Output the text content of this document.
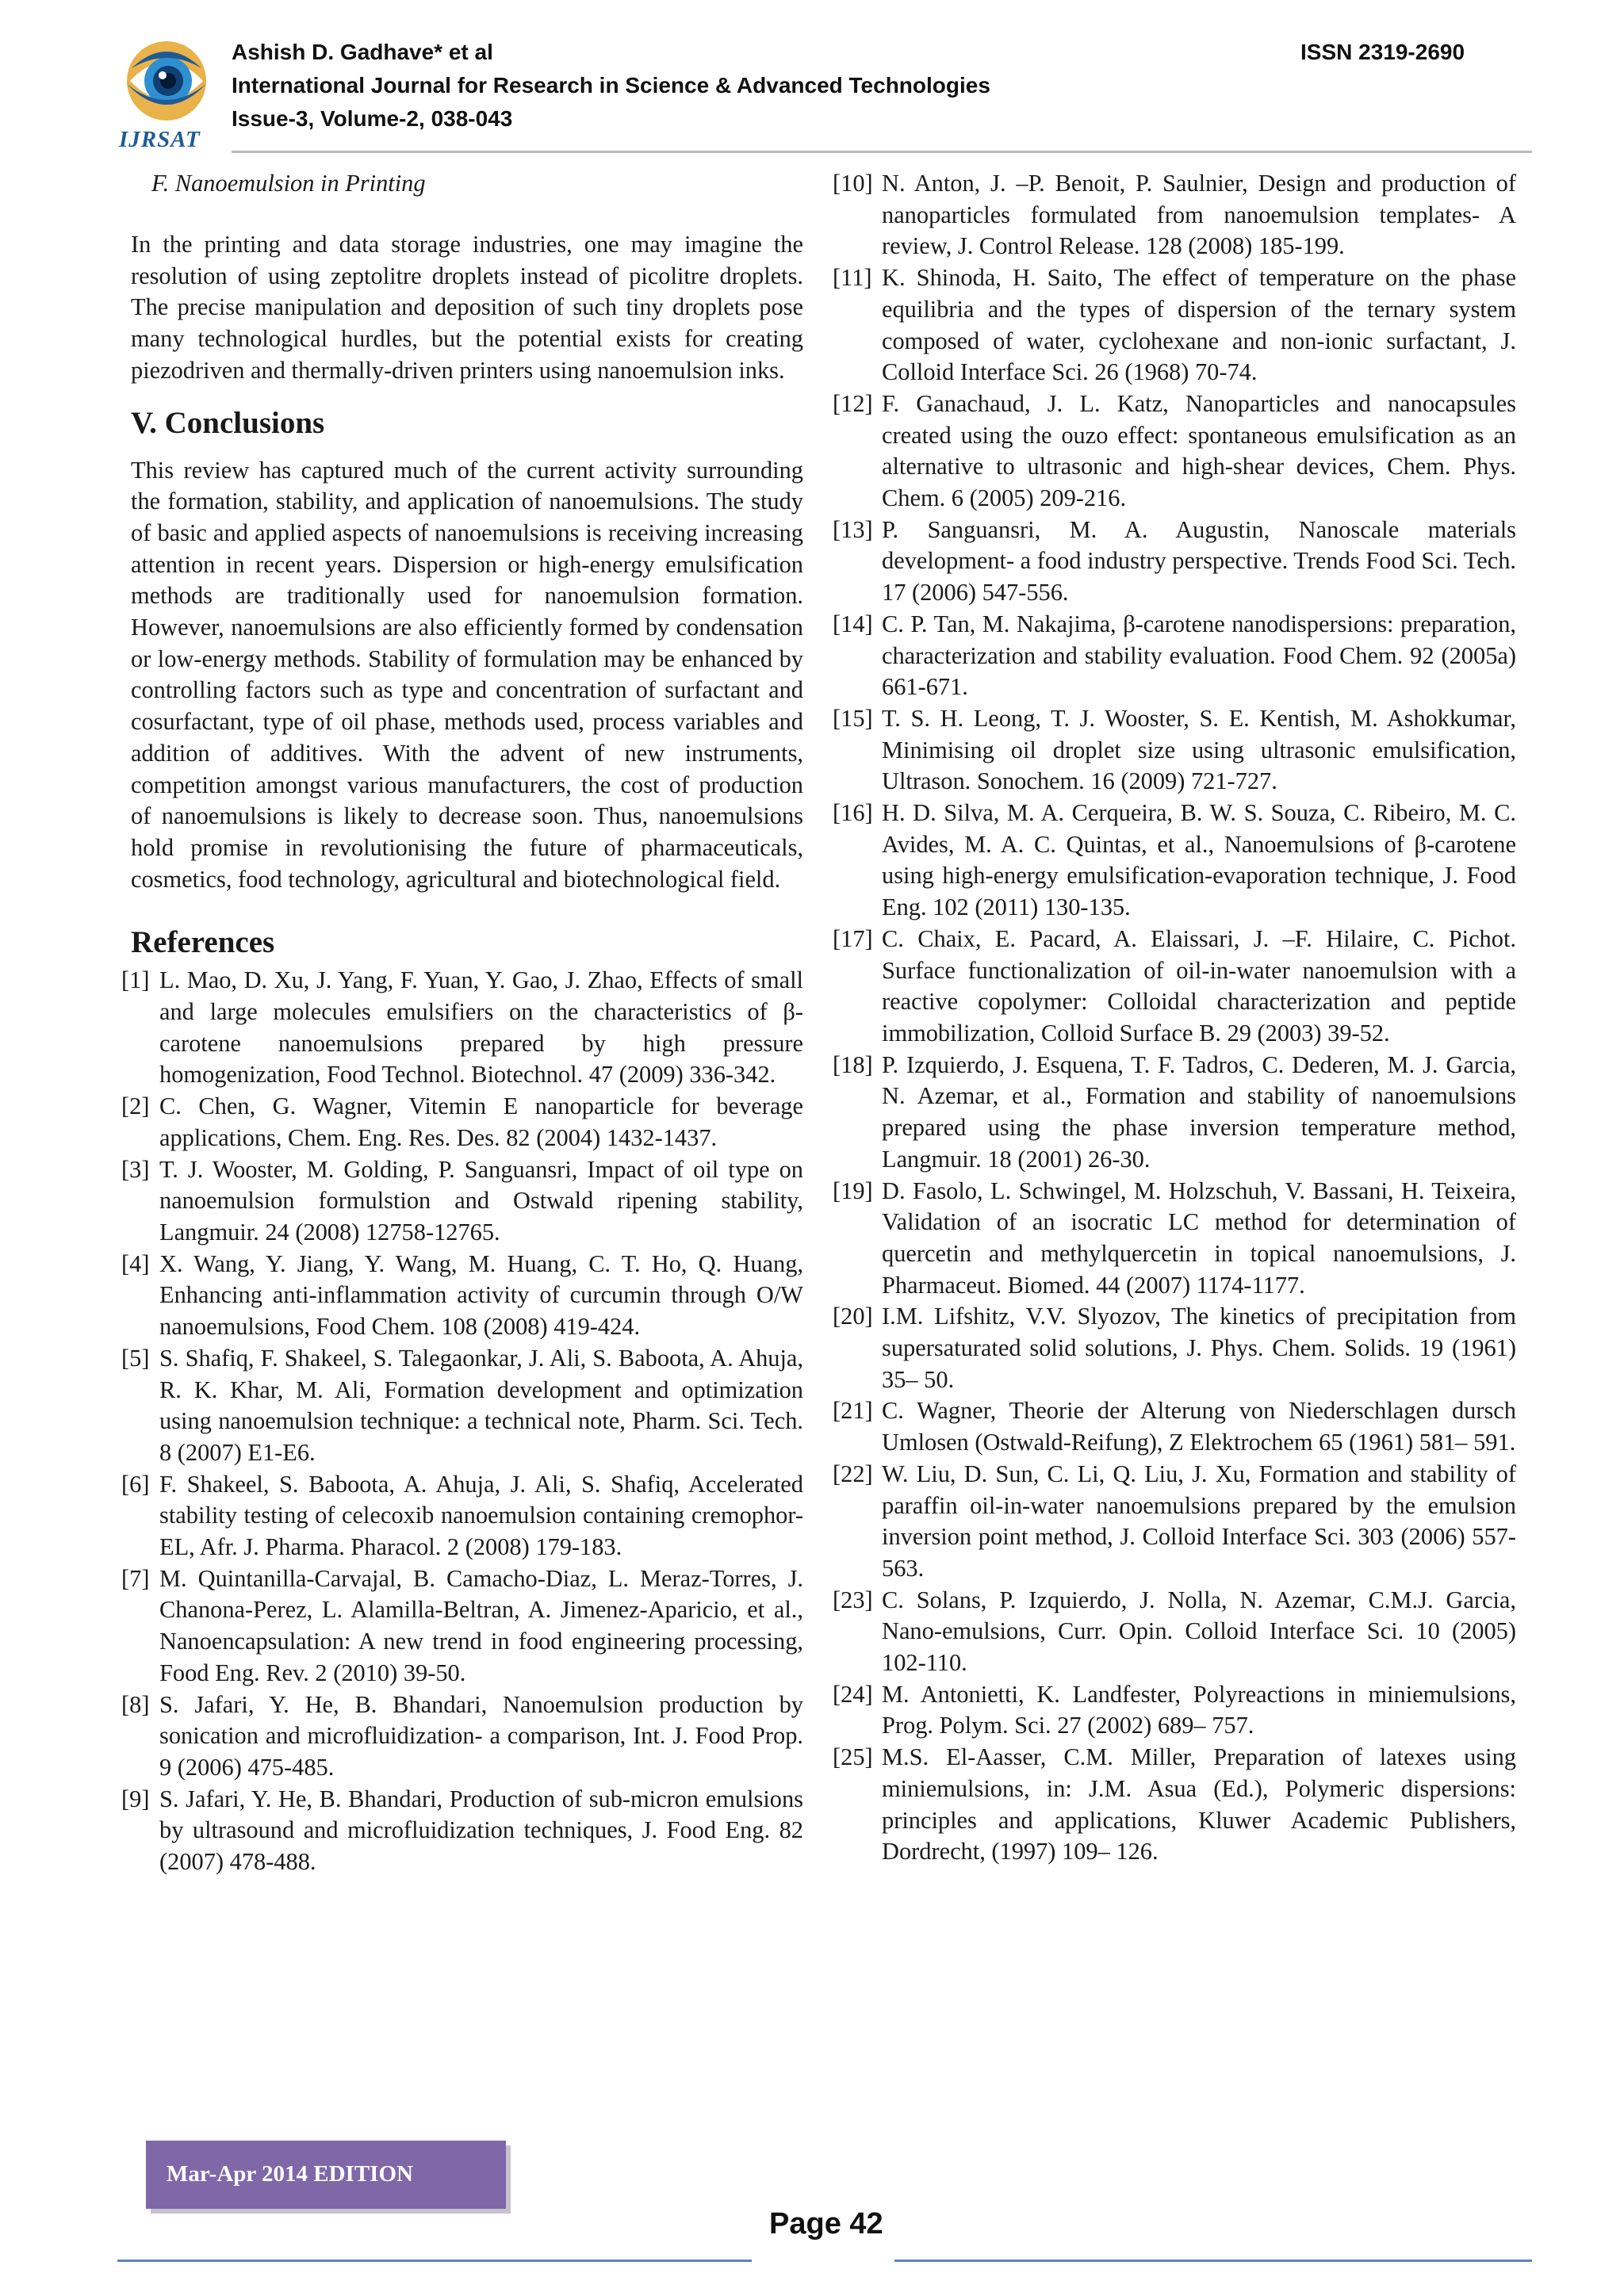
IJRSAT
Ashish D. Gadhave* et al
International Journal for Research in Science & Advanced Technologies
Issue-3, Volume-2, 038-043
ISSN 2319-2690

F. Nanoemulsion in Printing

In the printing and data storage industries, one may imagine the resolution of using zeptolitre droplets instead of picolitre droplets. The precise manipulation and deposition of such tiny droplets pose many technological hurdles, but the potential exists for creating piezodriven and thermally-driven printers using nanoemulsion inks.

V. Conclusions

This review has captured much of the current activity surrounding the formation, stability, and application of nanoemulsions. The study of basic and applied aspects of nanoemulsions is receiving increasing attention in recent years. Dispersion or high-energy emulsification methods are traditionally used for nanoemulsion formation. However, nanoemulsions are also efficiently formed by condensation or low-energy methods. Stability of formulation may be enhanced by controlling factors such as type and concentration of surfactant and cosurfactant, type of oil phase, methods used, process variables and addition of additives. With the advent of new instruments, competition amongst various manufacturers, the cost of production of nanoemulsions is likely to decrease soon. Thus, nanoemulsions hold promise in revolutionising the future of pharmaceuticals, cosmetics, food technology, agricultural and biotechnological field.

References
[1] L. Mao, D. Xu, J. Yang, F. Yuan, Y. Gao, J. Zhao, Effects of small and large molecules emulsifiers on the characteristics of β-carotene nanoemulsions prepared by high pressure homogenization, Food Technol. Biotechnol. 47 (2009) 336-342.
[2] C. Chen, G. Wagner, Vitemin E nanoparticle for beverage applications, Chem. Eng. Res. Des. 82 (2004) 1432-1437.
[3] T. J. Wooster, M. Golding, P. Sanguansri, Impact of oil type on nanoemulsion formulstion and Ostwald ripening stability, Langmuir. 24 (2008) 12758-12765.
[4] X. Wang, Y. Jiang, Y. Wang, M. Huang, C. T. Ho, Q. Huang, Enhancing anti-inflammation activity of curcumin through O/W nanoemulsions, Food Chem. 108 (2008) 419-424.
[5] S. Shafiq, F. Shakeel, S. Talegaonkar, J. Ali, S. Baboota, A. Ahuja, R. K. Khar, M. Ali, Formation development and optimization using nanoemulsion technique: a technical note, Pharm. Sci. Tech. 8 (2007) E1-E6.
[6] F. Shakeel, S. Baboota, A. Ahuja, J. Ali, S. Shafiq, Accelerated stability testing of celecoxib nanoemulsion containing cremophor-EL, Afr. J. Pharma. Pharacol. 2 (2008) 179-183.
[7] M. Quintanilla-Carvajal, B. Camacho-Diaz, L. Meraz-Torres, J. Chanona-Perez, L. Alamilla-Beltran, A. Jimenez-Aparicio, et al., Nanoencapsulation: A new trend in food engineering processing, Food Eng. Rev. 2 (2010) 39-50.
[8] S. Jafari, Y. He, B. Bhandari, Nanoemulsion production by sonication and microfluidization- a comparison, Int. J. Food Prop. 9 (2006) 475-485.
[9] S. Jafari, Y. He, B. Bhandari, Production of sub-micron emulsions by ultrasound and microfluidization techniques, J. Food Eng. 82 (2007) 478-488.
[10] N. Anton, J. –P. Benoit, P. Saulnier, Design and production of nanoparticles formulated from nanoemulsion templates- A review, J. Control Release. 128 (2008) 185-199.
[11] K. Shinoda, H. Saito, The effect of temperature on the phase equilibria and the types of dispersion of the ternary system composed of water, cyclohexane and non-ionic surfactant, J. Colloid Interface Sci. 26 (1968) 70-74.
[12] F. Ganachaud, J. L. Katz, Nanoparticles and nanocapsules created using the ouzo effect: spontaneous emulsification as an alternative to ultrasonic and high-shear devices, Chem. Phys. Chem. 6 (2005) 209-216.
[13] P. Sanguansri, M. A. Augustin, Nanoscale materials development- a food industry perspective. Trends Food Sci. Tech. 17 (2006) 547-556.
[14] C. P. Tan, M. Nakajima, β-carotene nanodispersions: preparation, characterization and stability evaluation. Food Chem. 92 (2005a) 661-671.
[15] T. S. H. Leong, T. J. Wooster, S. E. Kentish, M. Ashokkumar, Minimising oil droplet size using ultrasonic emulsification, Ultrason. Sonochem. 16 (2009) 721-727.
[16] H. D. Silva, M. A. Cerqueira, B. W. S. Souza, C. Ribeiro, M. C. Avides, M. A. C. Quintas, et al., Nanoemulsions of β-carotene using high-energy emulsification-evaporation technique, J. Food Eng. 102 (2011) 130-135.
[17] C. Chaix, E. Pacard, A. Elaissari, J. –F. Hilaire, C. Pichot. Surface functionalization of oil-in-water nanoemulsion with a reactive copolymer: Colloidal characterization and peptide immobilization, Colloid Surface B. 29 (2003) 39-52.
[18] P. Izquierdo, J. Esquena, T. F. Tadros, C. Dederen, M. J. Garcia, N. Azemar, et al., Formation and stability of nanoemulsions prepared using the phase inversion temperature method, Langmuir. 18 (2001) 26-30.
[19] D. Fasolo, L. Schwingel, M. Holzschuh, V. Bassani, H. Teixeira, Validation of an isocratic LC method for determination of quercetin and methylquercetin in topical nanoemulsions, J. Pharmaceut. Biomed. 44 (2007) 1174-1177.
[20] I.M. Lifshitz, V.V. Slyozov, The kinetics of precipitation from supersaturated solid solutions, J. Phys. Chem. Solids. 19 (1961) 35– 50.
[21] C. Wagner, Theorie der Alterung von Niederschlagen dursch Umlosen (Ostwald-Reifung), Z Elektrochem 65 (1961) 581– 591.
[22] W. Liu, D. Sun, C. Li, Q. Liu, J. Xu, Formation and stability of paraffin oil-in-water nanoemulsions prepared by the emulsion inversion point method, J. Colloid Interface Sci. 303 (2006) 557-563.
[23] C. Solans, P. Izquierdo, J. Nolla, N. Azemar, C.M.J. Garcia, Nano-emulsions, Curr. Opin. Colloid Interface Sci. 10 (2005) 102-110.
[24] M. Antonietti, K. Landfester, Polyreactions in miniemulsions, Prog. Polym. Sci. 27 (2002) 689– 757.
[25] M.S. El-Aasser, C.M. Miller, Preparation of latexes using miniemulsions, in: J.M. Asua (Ed.), Polymeric dispersions: principles and applications, Kluwer Academic Publishers, Dordrecht, (1997) 109– 126.
Mar-Apr 2014 EDITION
Page 42
